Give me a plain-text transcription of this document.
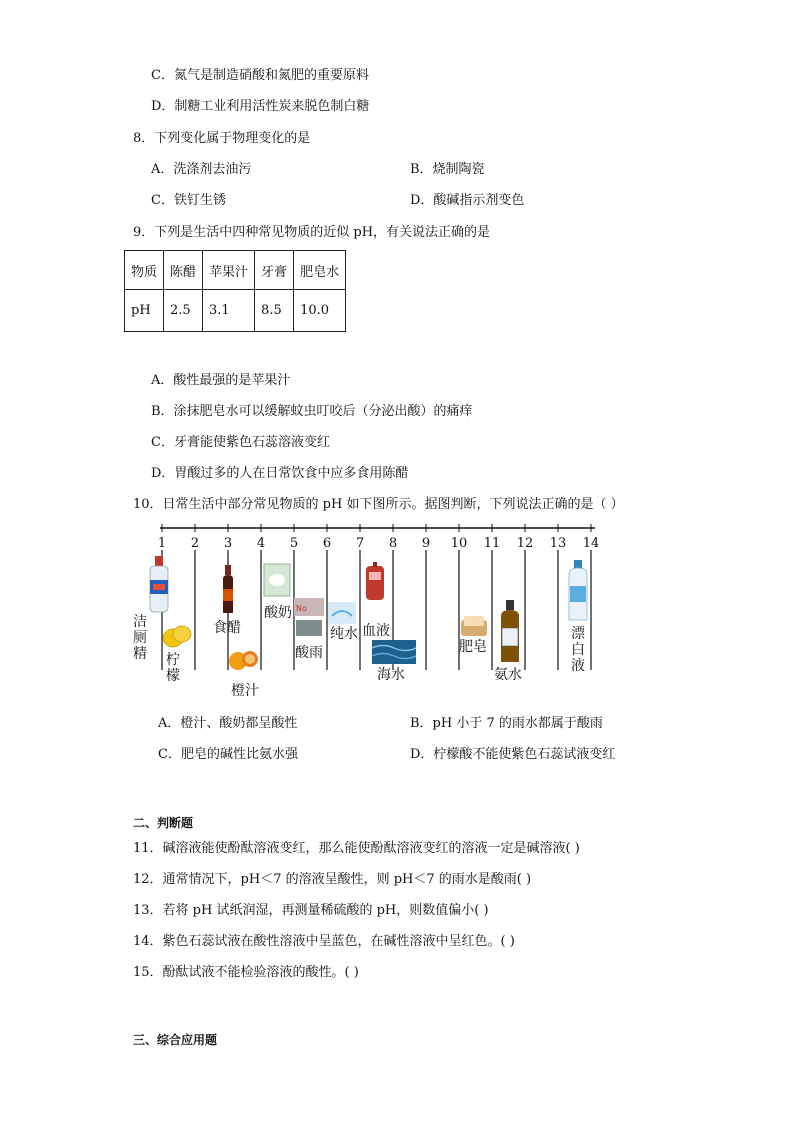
C．氮气是制造硝酸和氮肥的重要原料
D．制糖工业利用活性炭来脱色制白糖
8．下列变化属于物理变化的是
A．洗涤剂去油污	B．烧制陶瓷
C．铁钉生锈	D．酸碱指示剂变色
9．下列是生活中四种常见物质的近似 pH，有关说法正确的是
物质	陈醋	苹果汁	牙膏	肥皂水
pH	2.5	3.1	8.5	10.0
A．酸性最强的是苹果汁
B．涂抹肥皂水可以缓解蚊虫叮咬后（分泌出酸）的痛痒
C．牙膏能使紫色石蕊溶液变红
D．胃酸过多的人在日常饮食中应多食用陈醋
10．日常生活中部分常见物质的 pH 如下图所示。据图判断，下列说法正确的是（ ）
1	2	3	4	5	6	7	8	9	10 11 12 13 14
No
洁厕精 柠檬
食醋
橙汁
酸奶
酸雨
纯水 血液
海水
肥皂
氨水
漂白液
A．橙汁、酸奶都呈酸性	B．pH 小于 7 的雨水都属于酸雨
C．肥皂的碱性比氨水强	D．柠檬酸不能使紫色石蕊试液变红
二、判断题
11．碱溶液能使酚酞溶液变红，那么能使酚酞溶液变红的溶液一定是碱溶液( )
12．通常情况下，pH＜7 的溶液呈酸性，则 pH＜7 的雨水是酸雨( )
13．若将 pH 试纸润湿，再测量稀硫酸的 pH，则数值偏小( )
14．紫色石蕊试液在酸性溶液中呈蓝色，在碱性溶液中呈红色。( )
15．酚酞试液不能检验溶液的酸性。( )
三、综合应用题
